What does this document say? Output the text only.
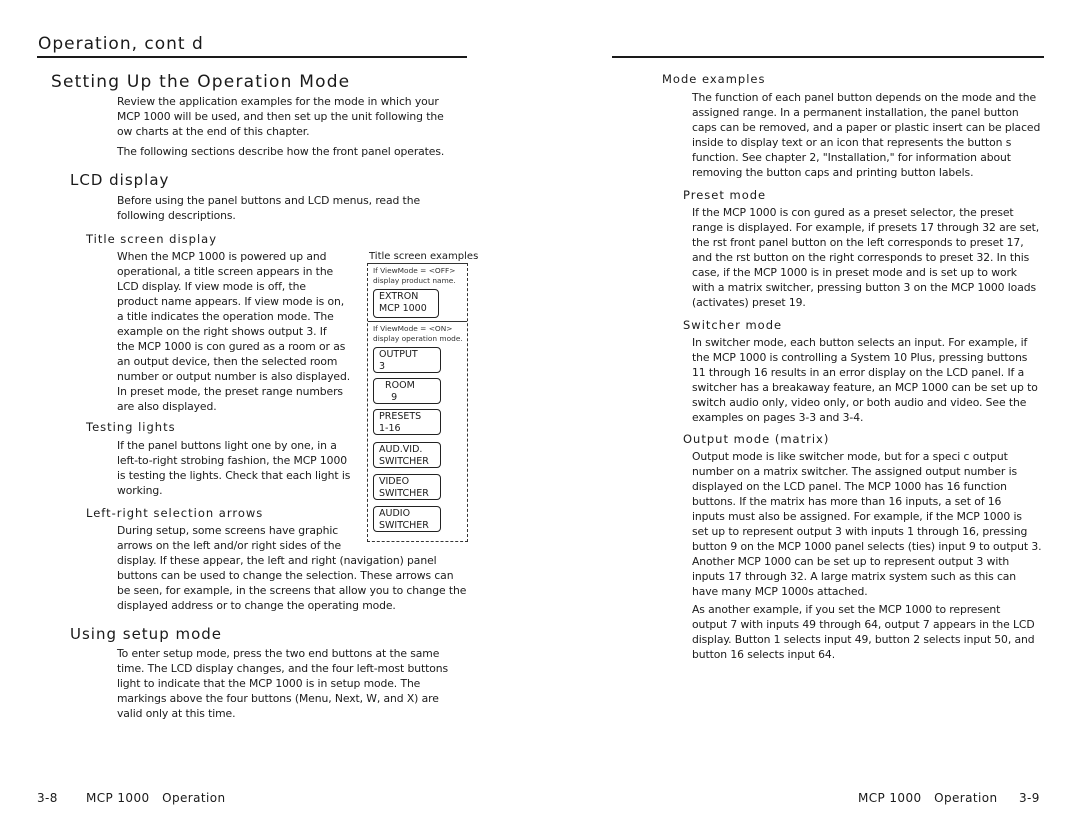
Operation, cont d
Setting Up the Operation Mode
Review the application examples for the mode in which your
MCP 1000 will be used, and then set up the unit following the
ow charts at the end of this chapter.
The following sections describe how the front panel operates.
LCD display
Before using the panel buttons and LCD menus, read the
following descriptions.
Title screen display
When the MCP 1000 is powered up and
operational, a title screen appears in the
LCD display. If view mode is off, the
product name appears. If view mode is on,
a title indicates the operation mode. The
example on the right shows output 3. If
the MCP 1000 is con gured as a room or as
an output device, then the selected room
number or output number is also displayed.
In preset mode, the preset range numbers
are also displayed.
Testing lights
If the panel buttons light one by one, in a
left-to-right strobing fashion, the MCP 1000
is testing the lights. Check that each light is
working.
Left-right selection arrows
During setup, some screens have graphic
arrows on the left and/or right sides of the
display. If these appear, the left and right (navigation) panel
buttons can be used to change the selection. These arrows can
be seen, for example, in the screens that allow you to change the
displayed address or to change the operating mode.
Using setup mode
To enter setup mode, press the two end buttons at the same
time. The LCD display changes, and the four left-most buttons
light to indicate that the MCP 1000 is in setup mode. The
markings above the four buttons (Menu, Next, W, and X) are
valid only at this time.
Title screen examples
If ViewMode = <OFF>
display product name.
EXTRON
MCP 1000
If ViewMode = <ON>
display operation mode.
OUTPUT
3
ROOM
9
PRESETS
1-16
AUD.VID.
SWITCHER
VIDEO
SWITCHER
AUDIO
SWITCHER
Mode examples
The function of each panel button depends on the mode and the
assigned range. In a permanent installation, the panel button
caps can be removed, and a paper or plastic insert can be placed
inside to display text or an icon that represents the button s
function. See chapter 2, "Installation," for information about
removing the button caps and printing button labels.
Preset mode
If the MCP 1000 is con gured as a preset selector, the preset
range is displayed. For example, if presets 17 through 32 are set,
the rst front panel button on the left corresponds to preset 17,
and the rst button on the right corresponds to preset 32. In this
case, if the MCP 1000 is in preset mode and is set up to work
with a matrix switcher, pressing button 3 on the MCP 1000 loads
(activates) preset 19.
Switcher mode
In switcher mode, each button selects an input. For example, if
the MCP 1000 is controlling a System 10 Plus, pressing buttons
11 through 16 results in an error display on the LCD panel. If a
switcher has a breakaway feature, an MCP 1000 can be set up to
switch audio only, video only, or both audio and video. See the
examples on pages 3-3 and 3-4.
Output mode (matrix)
Output mode is like switcher mode, but for a speci c output
number on a matrix switcher. The assigned output number is
displayed on the LCD panel. The MCP 1000 has 16 function
buttons. If the matrix has more than 16 inputs, a set of 16
inputs must also be assigned. For example, if the MCP 1000 is
set up to represent output 3 with inputs 1 through 16, pressing
button 9 on the MCP 1000 panel selects (ties) input 9 to output 3.
Another MCP 1000 can be set up to represent output 3 with
inputs 17 through 32. A large matrix system such as this can
have many MCP 1000s attached.
As another example, if you set the MCP 1000 to represent
output 7 with inputs 49 through 64, output 7 appears in the LCD
display. Button 1 selects input 49, button 2 selects input 50, and
button 16 selects input 64.
3-8 MCP 1000   Operation	MCP 1000   Operation 3-9
